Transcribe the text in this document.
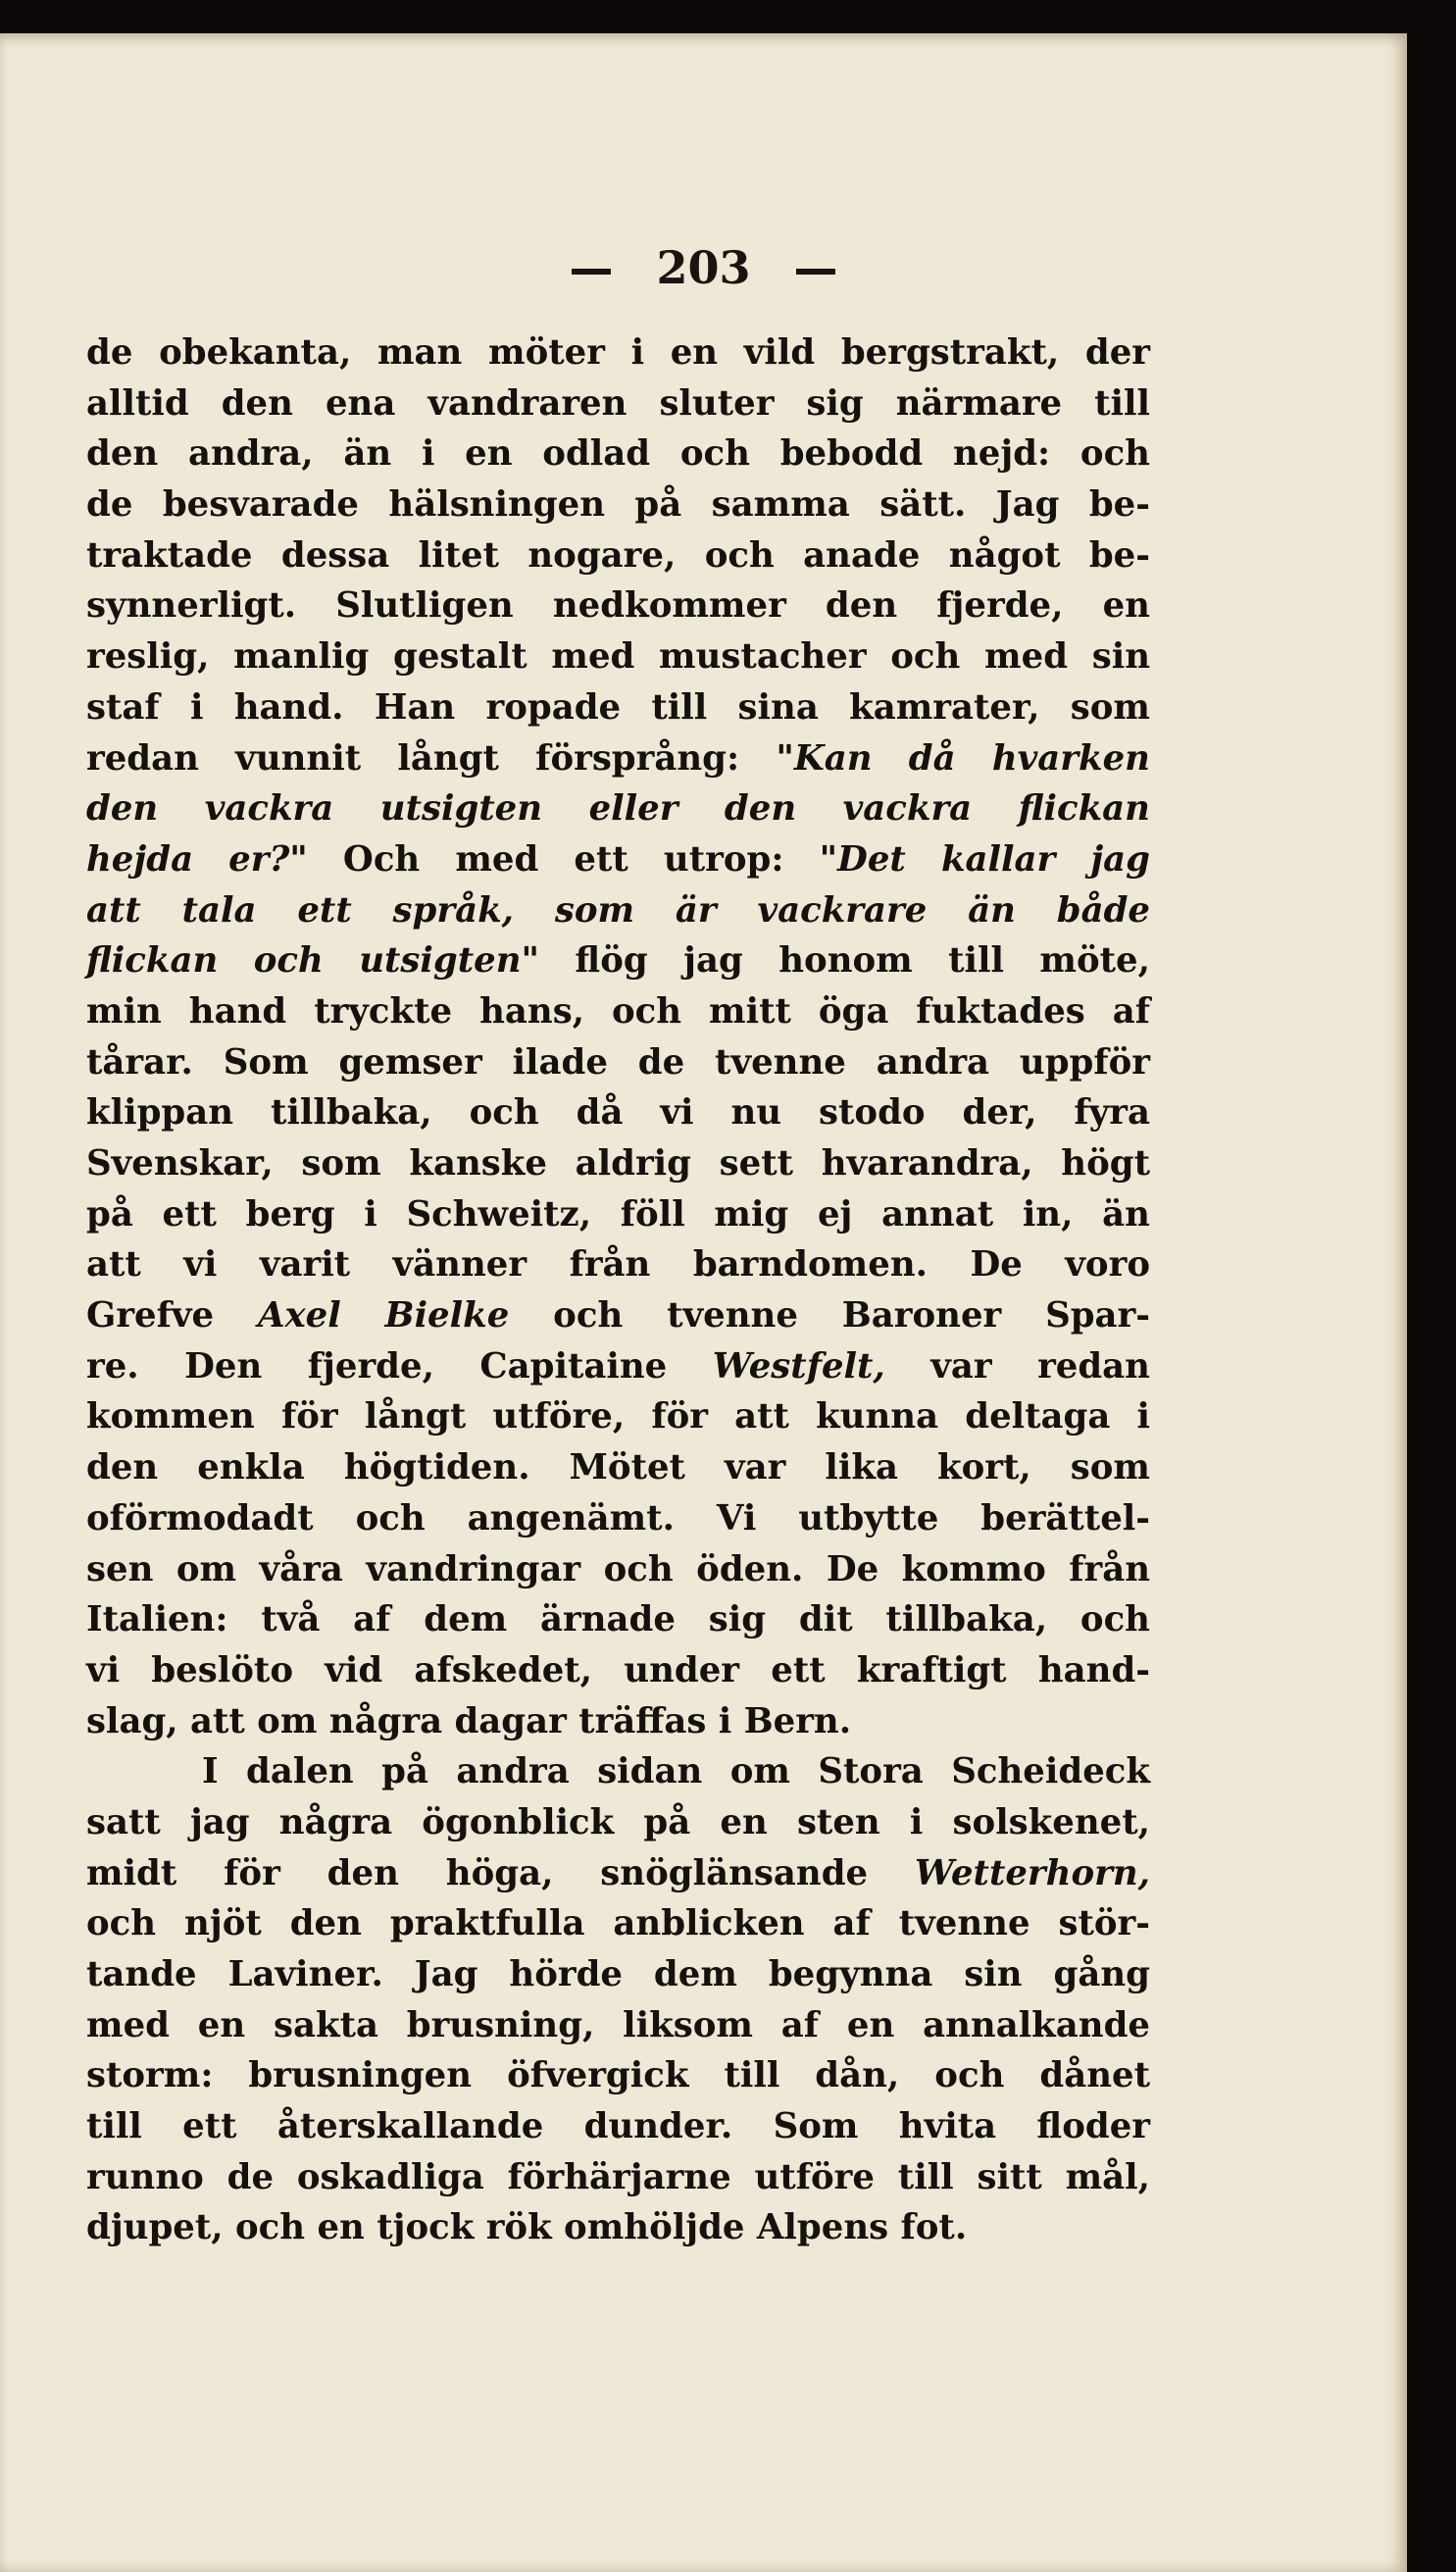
203
de obekanta, man möter i en vild bergstrakt, der
alltid den ena vandraren sluter sig närmare till
den andra, än i en odlad och bebodd nejd: och
de besvarade hälsningen på samma sätt. Jag be-
traktade dessa litet nogare, och anade något be-
synnerligt. Slutligen nedkommer den fjerde, en
reslig, manlig gestalt med mustacher och med sin
staf i hand. Han ropade till sina kamrater, som
redan vunnit långt försprång: "Kan då hvarken
den vackra utsigten eller den vackra flickan
hejda er?" Och med ett utrop: "Det kallar jag
att tala ett språk, som är vackrare än både
flickan och utsigten" flög jag honom till möte,
min hand tryckte hans, och mitt öga fuktades af
tårar. Som gemser ilade de tvenne andra uppför
klippan tillbaka, och då vi nu stodo der, fyra
Svenskar, som kanske aldrig sett hvarandra, högt
på ett berg i Schweitz, föll mig ej annat in, än
att vi varit vänner från barndomen. De voro
Grefve Axel Bielke och tvenne Baroner Spar-
re. Den fjerde, Capitaine Westfelt, var redan
kommen för långt utföre, för att kunna deltaga i
den enkla högtiden. Mötet var lika kort, som
oförmodadt och angenämt. Vi utbytte berättel-
sen om våra vandringar och öden. De kommo från
Italien: två af dem ärnade sig dit tillbaka, och
vi beslöto vid afskedet, under ett kraftigt hand-
slag, att om några dagar träffas i Bern.
I dalen på andra sidan om Stora Scheideck
satt jag några ögonblick på en sten i solskenet,
midt för den höga, snöglänsande Wetterhorn,
och njöt den praktfulla anblicken af tvenne stör-
tande Laviner. Jag hörde dem begynna sin gång
med en sakta brusning, liksom af en annalkande
storm: brusningen öfvergick till dån, och dånet
till ett återskallande dunder. Som hvita floder
runno de oskadliga förhärjarne utföre till sitt mål,
djupet, och en tjock rök omhöljde Alpens fot.
